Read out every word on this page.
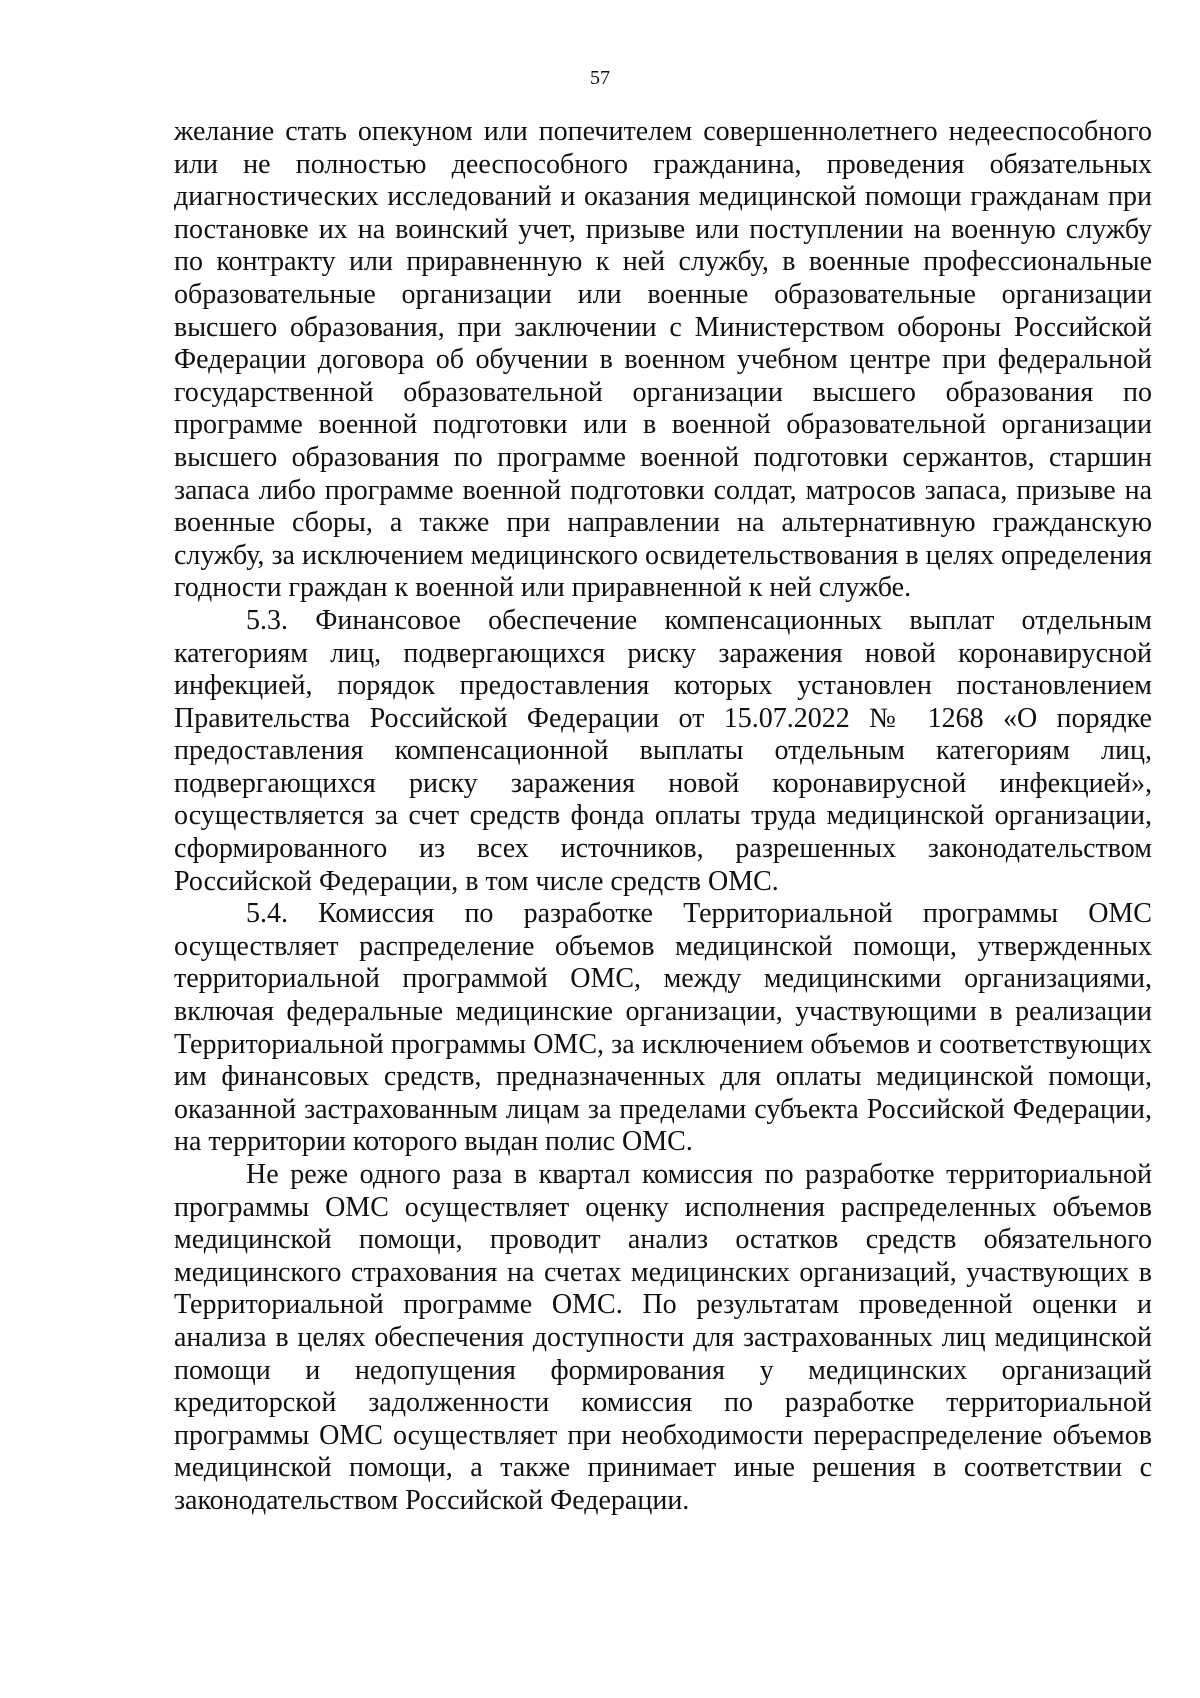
57

желание стать опекуном или попечителем совершеннолетнего недееспособного или не полностью дееспособного гражданина, проведения обязательных диагностических исследований и оказания медицинской помощи гражданам при постановке их на воинский учет, призыве или поступлении на военную службу по контракту или приравненную к ней службу, в военные профессиональные образовательные организации или военные образовательные организации высшего образования, при заключении с Министерством обороны Российской Федерации договора об обучении в военном учебном центре при федеральной государственной образовательной организации высшего образования по программе военной подготовки или в военной образовательной организации высшего образования по программе военной подготовки сержантов, старшин запаса либо программе военной подготовки солдат, матросов запаса, призыве на военные сборы, а также при направлении на альтернативную гражданскую службу, за исключением медицинского освидетельствования в целях определения годности граждан к военной или приравненной к ней службе.

5.3. Финансовое обеспечение компенсационных выплат отдельным категориям лиц, подвергающихся риску заражения новой коронавирусной инфекцией, порядок предоставления которых установлен постановлением Правительства Российской Федерации от 15.07.2022 № 1268 «О порядке предоставления компенсационной выплаты отдельным категориям лиц, подвергающихся риску заражения новой коронавирусной инфекцией», осуществляется за счет средств фонда оплаты труда медицинской организации, сформированного из всех источников, разрешенных законодательством Российской Федерации, в том числе средств ОМС.

5.4. Комиссия по разработке Территориальной программы ОМС осуществляет распределение объемов медицинской помощи, утвержденных территориальной программой ОМС, между медицинскими организациями, включая федеральные медицинские организации, участвующими в реализации Территориальной программы ОМС, за исключением объемов и соответствующих им финансовых средств, предназначенных для оплаты медицинской помощи, оказанной застрахованным лицам за пределами субъекта Российской Федерации, на территории которого выдан полис ОМС.

Не реже одного раза в квартал комиссия по разработке территориальной программы ОМС осуществляет оценку исполнения распределенных объемов медицинской помощи, проводит анализ остатков средств обязательного медицинского страхования на счетах медицинских организаций, участвующих в Территориальной программе ОМС. По результатам проведенной оценки и анализа в целях обеспечения доступности для застрахованных лиц медицинской помощи и недопущения формирования у медицинских организаций кредиторской задолженности комиссия по разработке территориальной программы ОМС осуществляет при необходимости перераспределение объемов медицинской помощи, а также принимает иные решения в соответствии с законодательством Российской Федерации.
